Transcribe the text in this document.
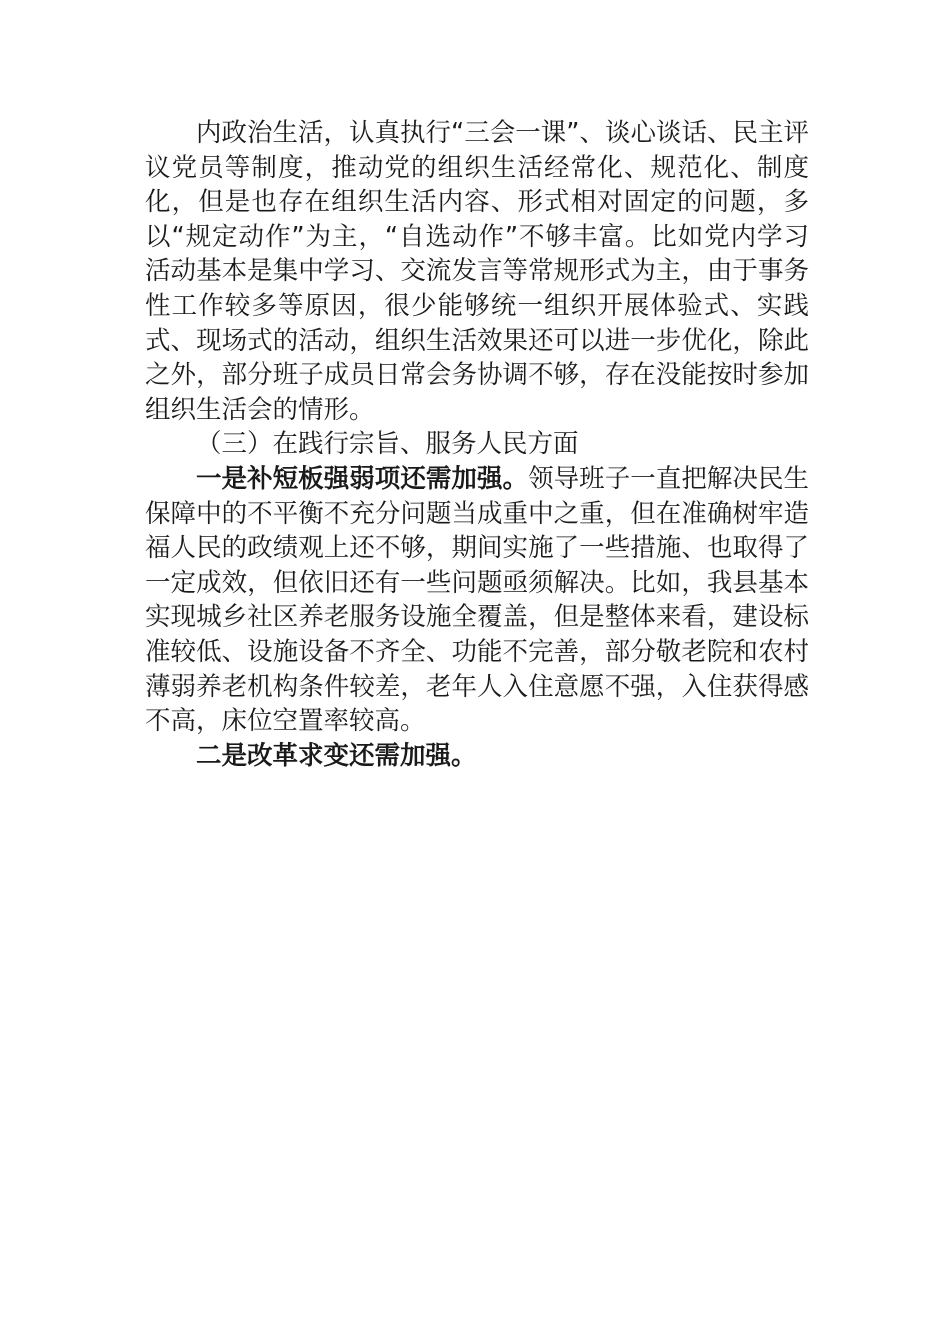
内政治生活，认真执行“三会一课”、谈心谈话、民主评议党员等制度，推动党的组织生活经常化、规范化、制度化，但是也存在组织生活内容、形式相对固定的问题，多以“规定动作”为主，“自选动作”不够丰富。比如党内学习活动基本是集中学习、交流发言等常规形式为主，由于事务性工作较多等原因，很少能够统一组织开展体验式、实践式、现场式的活动，组织生活效果还可以进一步优化，除此之外，部分班子成员日常会务协调不够，存在没能按时参加组织生活会的情形。

（三）在践行宗旨、服务人民方面

一是补短板强弱项还需加强。领导班子一直把解决民生保障中的不平衡不充分问题当成重中之重，但在准确树牢造福人民的政绩观上还不够，期间实施了一些措施、也取得了一定成效，但依旧还有一些问题亟须解决。比如，我县基本实现城乡社区养老服务设施全覆盖，但是整体来看，建设标准较低、设施设备不齐全、功能不完善，部分敬老院和农村薄弱养老机构条件较差，老年人入住意愿不强，入住获得感不高，床位空置率较高。

二是改革求变还需加强。
